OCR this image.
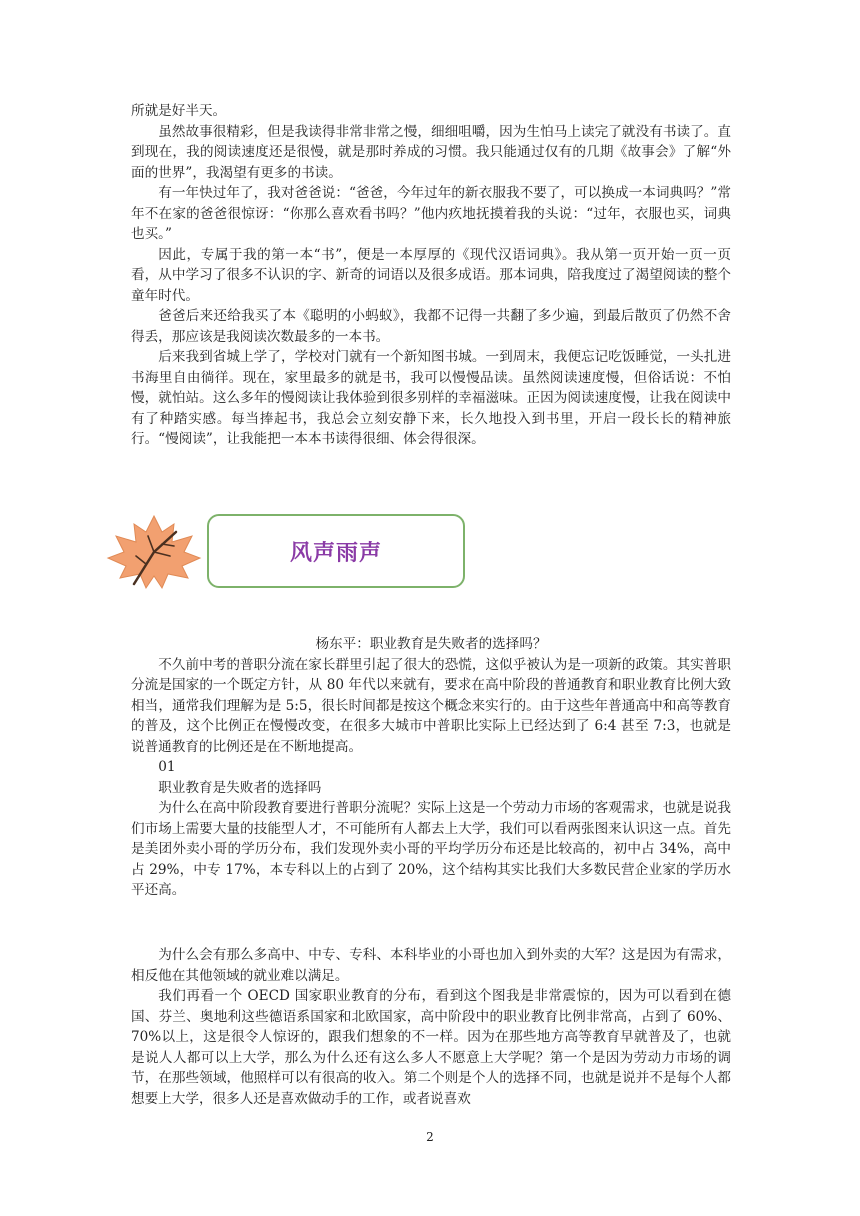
所就是好半天。

虽然故事很精彩，但是我读得非常非常之慢，细细咀嚼，因为生怕马上读完了就没有书读了。直到现在，我的阅读速度还是很慢，就是那时养成的习惯。我只能通过仅有的几期《故事会》了解“外面的世界”，我渴望有更多的书读。

有一年快过年了，我对爸爸说：“爸爸，今年过年的新衣服我不要了，可以换成一本词典吗？”常年不在家的爸爸很惊讶：“你那么喜欢看书吗？”他内疚地抚摸着我的头说：“过年，衣服也买，词典也买。”

因此，专属于我的第一本“书”，便是一本厚厚的《现代汉语词典》。我从第一页开始一页一页看，从中学习了很多不认识的字、新奇的词语以及很多成语。那本词典，陪我度过了渴望阅读的整个童年时代。

爸爸后来还给我买了本《聪明的小蚂蚁》，我都不记得一共翻了多少遍，到最后散页了仍然不舍得丢，那应该是我阅读次数最多的一本书。

后来我到省城上学了，学校对门就有一个新知图书城。一到周末，我便忘记吃饭睡觉，一头扎进书海里自由徜徉。现在，家里最多的就是书，我可以慢慢品读。虽然阅读速度慢，但俗话说：不怕慢，就怕站。这么多年的慢阅读让我体验到很多别样的幸福滋味。正因为阅读速度慢，让我在阅读中有了种踏实感。每当捧起书，我总会立刻安静下来，长久地投入到书里，开启一段长长的精神旅行。“慢阅读”，让我能把一本本书读得很细、体会得很深。

风声雨声

杨东平：职业教育是失败者的选择吗？

不久前中考的普职分流在家长群里引起了很大的恐慌，这似乎被认为是一项新的政策。其实普职分流是国家的一个既定方针，从 80 年代以来就有，要求在高中阶段的普通教育和职业教育比例大致相当，通常我们理解为是 5:5，很长时间都是按这个概念来实行的。由于这些年普通高中和高等教育的普及，这个比例正在慢慢改变，在很多大城市中普职比实际上已经达到了 6:4 甚至 7:3，也就是说普通教育的比例还是在不断地提高。

01

职业教育是失败者的选择吗

为什么在高中阶段教育要进行普职分流呢？实际上这是一个劳动力市场的客观需求，也就是说我们市场上需要大量的技能型人才，不可能所有人都去上大学，我们可以看两张图来认识这一点。首先是美团外卖小哥的学历分布，我们发现外卖小哥的平均学历分布还是比较高的，初中占 34%，高中占 29%，中专 17%，本专科以上的占到了 20%，这个结构其实比我们大多数民营企业家的学历水平还高。

为什么会有那么多高中、中专、专科、本科毕业的小哥也加入到外卖的大军？这是因为有需求，相反他在其他领域的就业难以满足。

我们再看一个 OECD 国家职业教育的分布，看到这个图我是非常震惊的，因为可以看到在德国、芬兰、奥地利这些德语系国家和北欧国家，高中阶段中的职业教育比例非常高，占到了 60%、70%以上，这是很令人惊讶的，跟我们想象的不一样。因为在那些地方高等教育早就普及了，也就是说人人都可以上大学，那么为什么还有这么多人不愿意上大学呢？第一个是因为劳动力市场的调节，在那些领域，他照样可以有很高的收入。第二个则是个人的选择不同，也就是说并不是每个人都想要上大学，很多人还是喜欢做动手的工作，或者说喜欢

2
